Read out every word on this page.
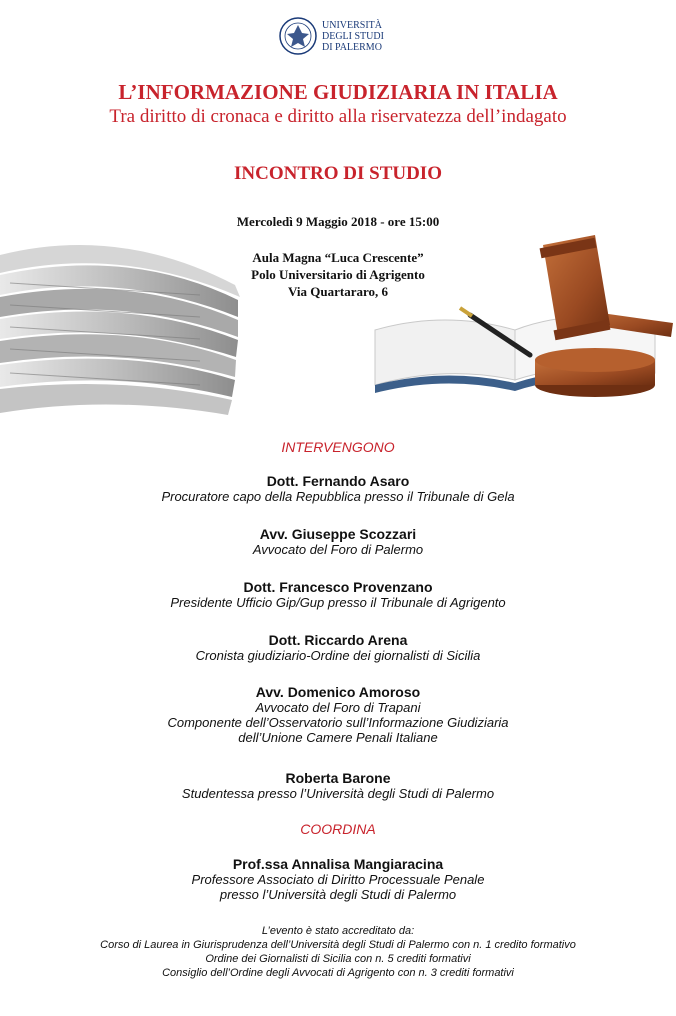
UNIVERSITÀ
DEGLI STUDI
DI PALERMO
L’INFORMAZIONE GIUDIZIARIA IN ITALIA
Tra diritto di cronaca e diritto alla riservatezza dell’indagato
INCONTRO DI STUDIO
Mercoledì 9 Maggio 2018 - ore 15:00
Aula Magna “Luca Crescente”
Polo Universitario di Agrigento
Via Quartararo, 6
INTERVENGONO
Dott. Fernando Asaro
Procuratore capo della Repubblica presso il Tribunale di Gela
Avv. Giuseppe Scozzari
Avvocato del Foro di Palermo
Dott. Francesco Provenzano
Presidente Ufficio Gip/Gup presso il Tribunale di Agrigento
Dott. Riccardo Arena
Cronista giudiziario-Ordine dei giornalisti di Sicilia
Avv. Domenico Amoroso
Avvocato del Foro di Trapani
Componente dell’Osservatorio sull’Informazione Giudiziaria
dell’Unione Camere Penali Italiane
Roberta Barone
Studentessa presso l’Università degli Studi di Palermo
COORDINA
Prof.ssa Annalisa Mangiaracina
Professore Associato di Diritto Processuale Penale
presso l’Università degli Studi di Palermo
L’evento è stato accreditato da:
Corso di Laurea in Giurisprudenza dell’Università degli Studi di Palermo con n. 1 credito formativo
Ordine dei Giornalisti di Sicilia con n. 5 crediti formativi
Consiglio dell’Ordine degli Avvocati di Agrigento con n. 3 crediti formativi
